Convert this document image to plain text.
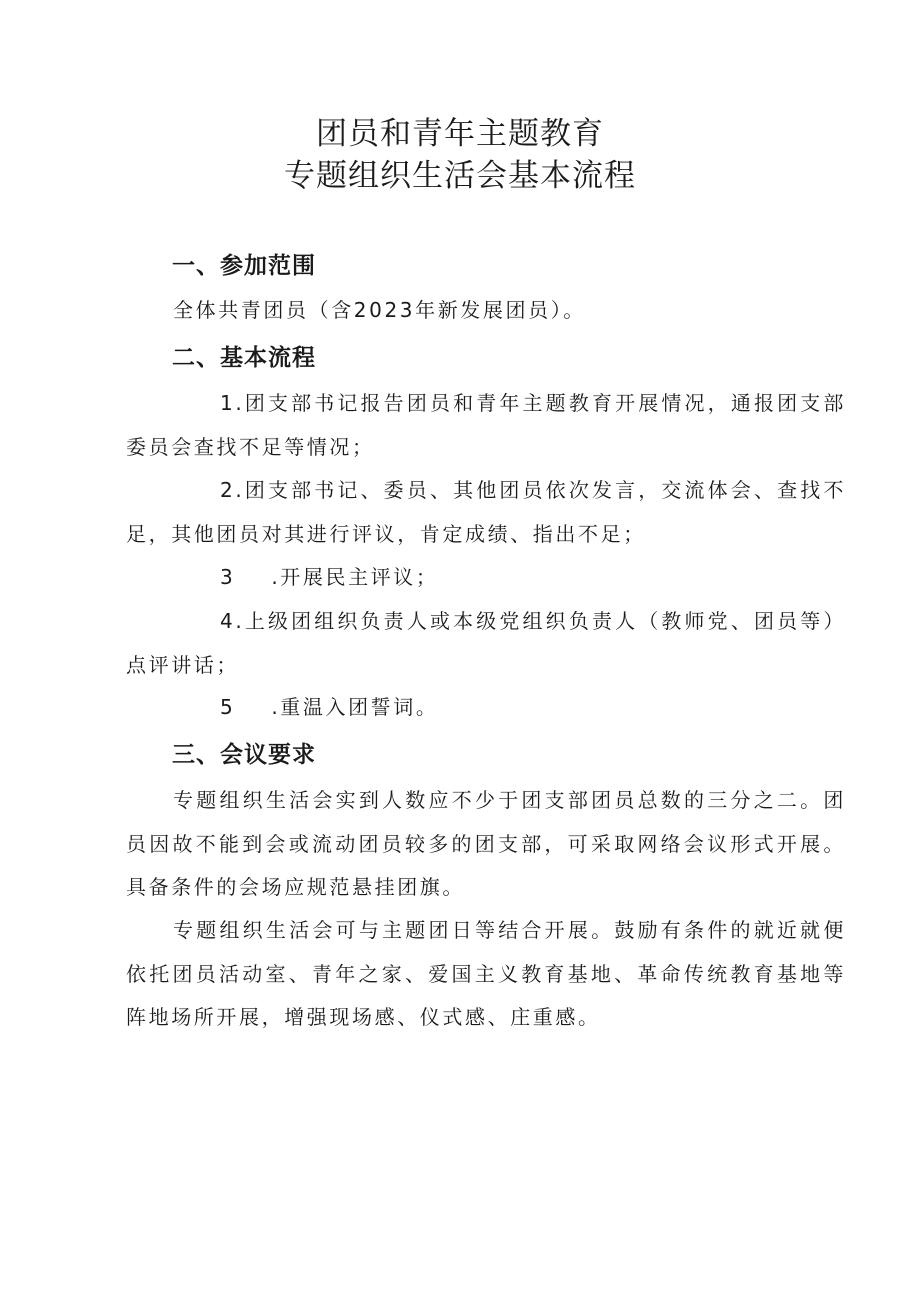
团员和青年主题教育
专题组织生活会基本流程
一、参加范围

全体共青团员（含2023年新发展团员）。

二、基本流程

1.团支部书记报告团员和青年主题教育开展情况，通报团支部委员会查找不足等情况；

2.团支部书记、委员、其他团员依次发言，交流体会、查找不足，其他团员对其进行评议，肯定成绩、指出不足；

3 .开展民主评议；

4.上级团组织负责人或本级党组织负责人（教师党、团员等）点评讲话；

5 .重温入团誓词。

三、会议要求

专题组织生活会实到人数应不少于团支部团员总数的三分之二。团员因故不能到会或流动团员较多的团支部，可采取网络会议形式开展。具备条件的会场应规范悬挂团旗。

专题组织生活会可与主题团日等结合开展。鼓励有条件的就近就便依托团员活动室、青年之家、爱国主义教育基地、革命传统教育基地等阵地场所开展，增强现场感、仪式感、庄重感。
